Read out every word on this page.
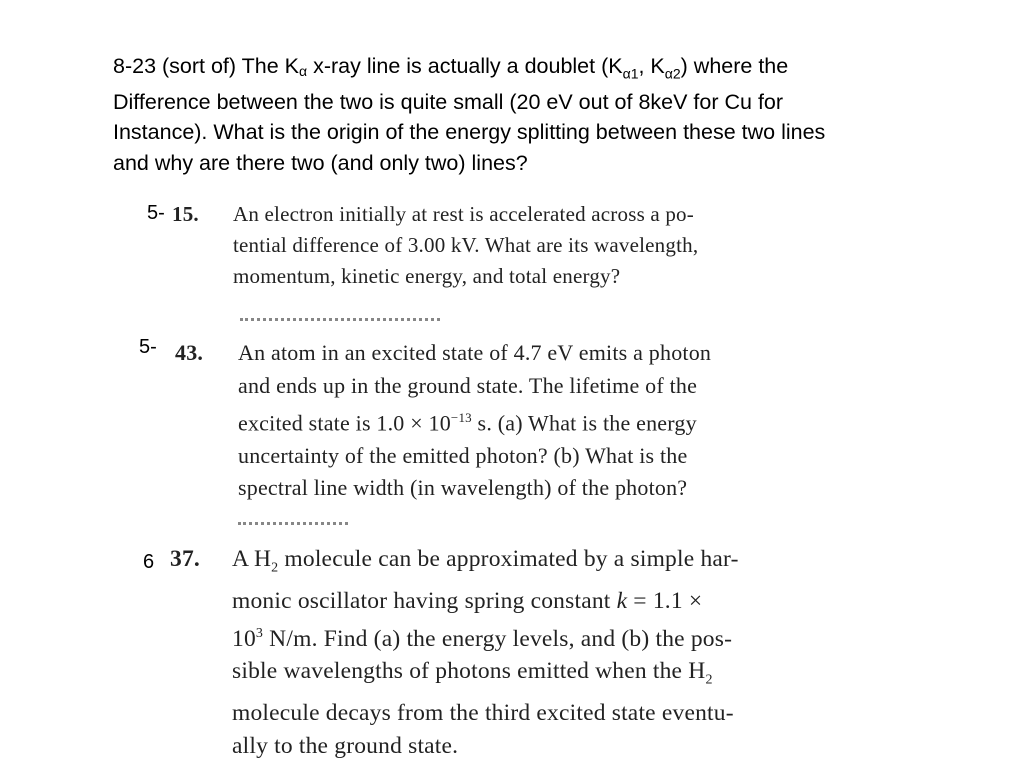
8-23 (sort of) The Kα x-ray line is actually a doublet ($K_{\alpha 1}$, $K_{\alpha 2}$) where the
Difference between the two is quite small (20 eV out of 8keV for Cu for
Instance). What is the origin of the energy splitting between these two lines
and why are there two (and only two) lines?
5-
5-
6
15. An electron initially at rest is accelerated across a po-
tential difference of 3.00 kV. What are its wavelength,
momentum, kinetic energy, and total energy?
43. An atom in an excited state of 4.7 eV emits a photon
and ends up in the ground state. The lifetime of the
excited state is $1.0 \times 10^{-13}$ s. (a) What is the energy
uncertainty of the emitted photon? (b) What is the
spectral line width (in wavelength) of the photon?
37. A $H_2$ molecule can be approximated by a simple har-
monic oscillator having spring constant k = 1.1 ×
$10^3$ N/m. Find (a) the energy levels, and (b) the pos-
sible wavelengths of photons emitted when the $H_2$
molecule decays from the third excited state eventu-
ally to the ground state.
